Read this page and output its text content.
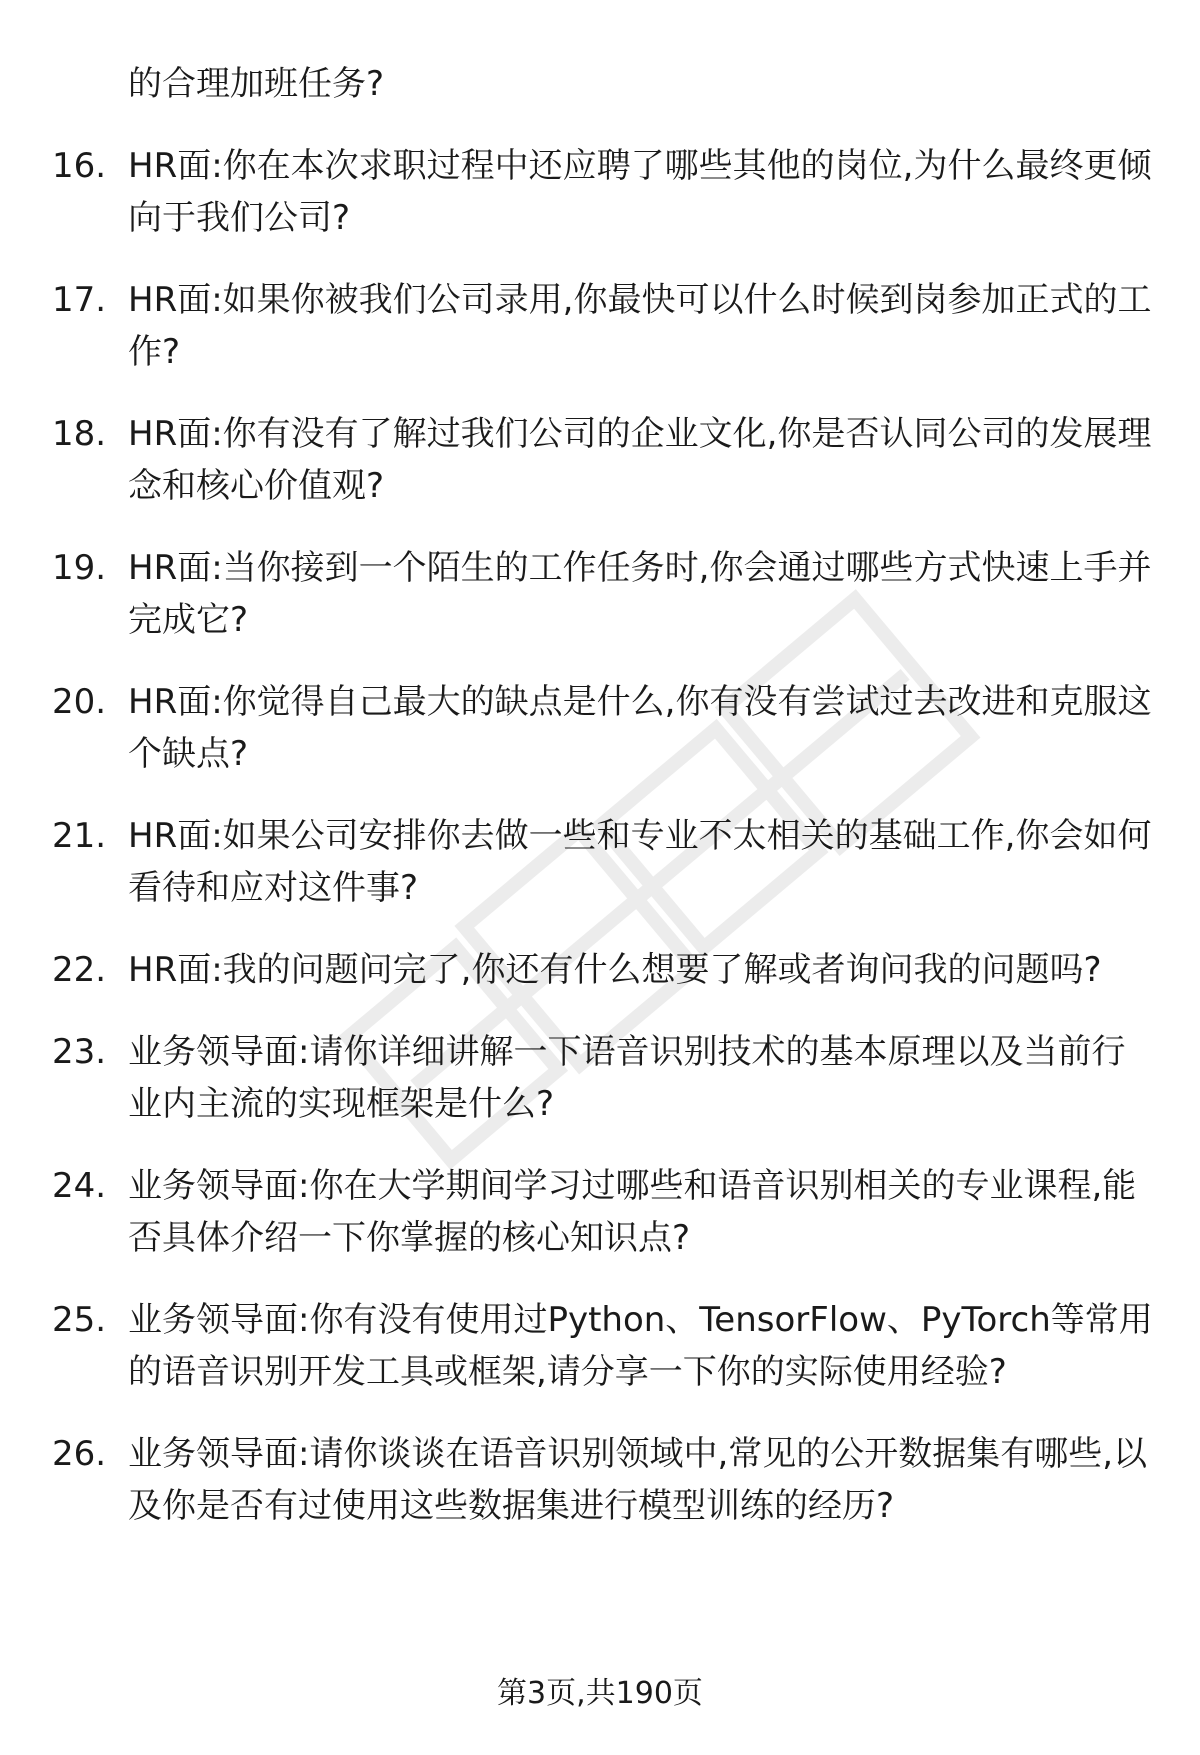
的合理加班任务?

16. HR面:你在本次求职过程中还应聘了哪些其他的岗位,为什么最终更倾向于我们公司?
17. HR面:如果你被我们公司录用,你最快可以什么时候到岗参加正式的工作?
18. HR面:你有没有了解过我们公司的企业文化,你是否认同公司的发展理念和核心价值观?
19. HR面:当你接到一个陌生的工作任务时,你会通过哪些方式快速上手并完成它?
20. HR面:你觉得自己最大的缺点是什么,你有没有尝试过去改进和克服这个缺点?
21. HR面:如果公司安排你去做一些和专业不太相关的基础工作,你会如何看待和应对这件事?
22. HR面:我的问题问完了,你还有什么想要了解或者询问我的问题吗?
23. 业务领导面:请你详细讲解一下语音识别技术的基本原理以及当前行业内主流的实现框架是什么?
24. 业务领导面:你在大学期间学习过哪些和语音识别相关的专业课程,能否具体介绍一下你掌握的核心知识点?
25. 业务领导面:你有没有使用过Python、TensorFlow、PyTorch等常用的语音识别开发工具或框架,请分享一下你的实际使用经验?
26. 业务领导面:请你谈谈在语音识别领域中,常见的公开数据集有哪些,以及你是否有过使用这些数据集进行模型训练的经历?
第3页,共190页
